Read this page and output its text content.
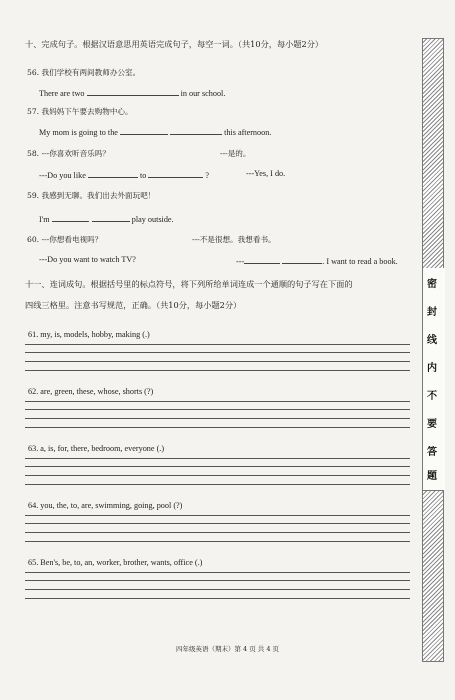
十、完成句子。根据汉语意思用英语完成句子，每空一词。（共10分，每小题2分）
56. 我们学校有两间教师办公室。
There are two	in our school.
57. 我妈妈下午要去购物中心。
My mom is going to the	this afternoon.
58. ---你喜欢听音乐吗？	---是的。
---Do you like	to	?	---Yes, I do.
59. 我感到无聊。我们出去外面玩吧！
I'm	.	play outside.
60. ---你想看电视吗？	---不是很想。我想看书。
---Do you want to watch TV?	---	. I want to read a book.
十一、连词成句。根据括号里的标点符号，将下列所给单词连成一个通顺的句子写在下面的
四线三格里。注意书写规范，正确。（共10分，每小题2分）
61. my, is, models, hobby, making (.)
62. are, green, these, whose, shorts (?)
63. a, is, for, there, bedroom, everyone (.)
64. you, the, to, are, swimming, going, pool (?)
65. Ben's, be, to, an, worker, brother, wants, office (.)
密
封
线
内
不
要
答
题
四年级英语（期末）第 4 页 共 4 页
